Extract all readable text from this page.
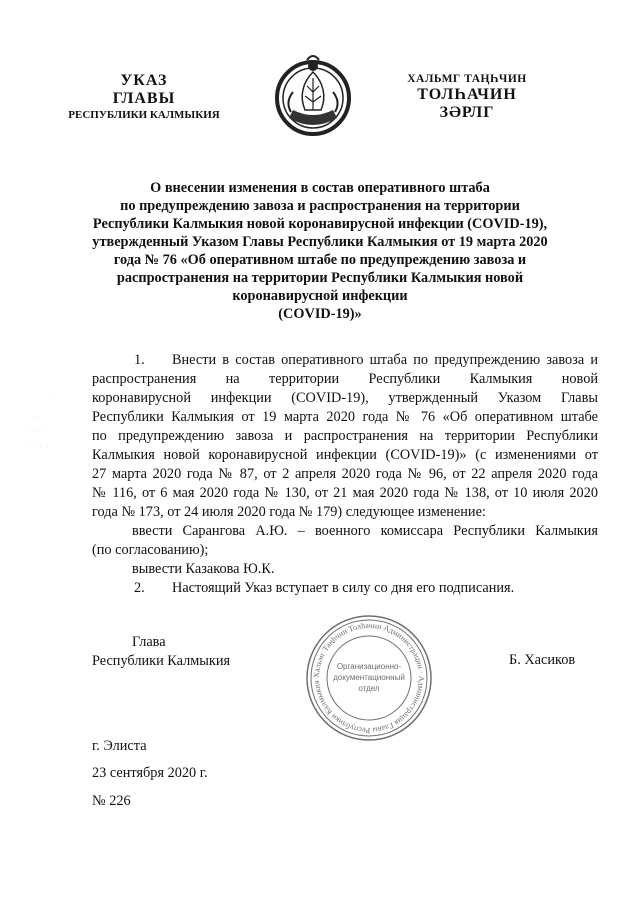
УКАЗ
ГЛАВЫ
РЕСПУБЛИКИ КАЛМЫКИЯ
ХАЛЬМГ ТАҢҺЧИН
ТОЛҺАЧИН
ЗӘРЛГ
О внесении изменения в состав оперативного штаба
по предупреждению завоза и распространения на территории
Республики Калмыкия новой коронавирусной инфекции (COVID-19),
утвержденный Указом Главы Республики Калмыкия от 19 марта 2020
года № 76 «Об оперативном штабе по предупреждению завоза и
распространения на территории Республики Калмыкия новой
коронавирусной инфекции
(COVID-19)»
1. Внести в состав оперативного штаба по предупреждению завоза и
распространения на территории Республики Калмыкия новой
коронавирусной инфекции (COVID-19), утвержденный Указом Главы
Республики Калмыкия от 19 марта 2020 года № 76 «Об оперативном штабе
по предупреждению завоза и распространения на территории Республики
Калмыкия новой коронавирусной инфекции (COVID-19)» (с изменениями от
27 марта 2020 года № 87, от 2 апреля 2020 года № 96, от 22 апреля 2020 года
№ 116, от 6 мая 2020 года № 130, от 21 мая 2020 года № 138, от 10 июля 2020
года № 173, от 24 июля 2020 года № 179) следующее изменение:
ввести Сарангова А.Ю. – военного комиссара Республики Калмыкия
(по согласованию);
вывести Казакова Ю.К.
2. Настоящий Указ вступает в силу со дня его подписания.
· ·  · :
· .· ·
·:··  ·
·  ·: ·
Глава
Республики Калмыкия
Хальмг Таңһчин Толһачин Администрацин · Администрация Главы Республики Калмыкия
Организационно-
документационный
отдел
Б. Хасиков
г. Элиста
23 сентября 2020 г.
№ 226
